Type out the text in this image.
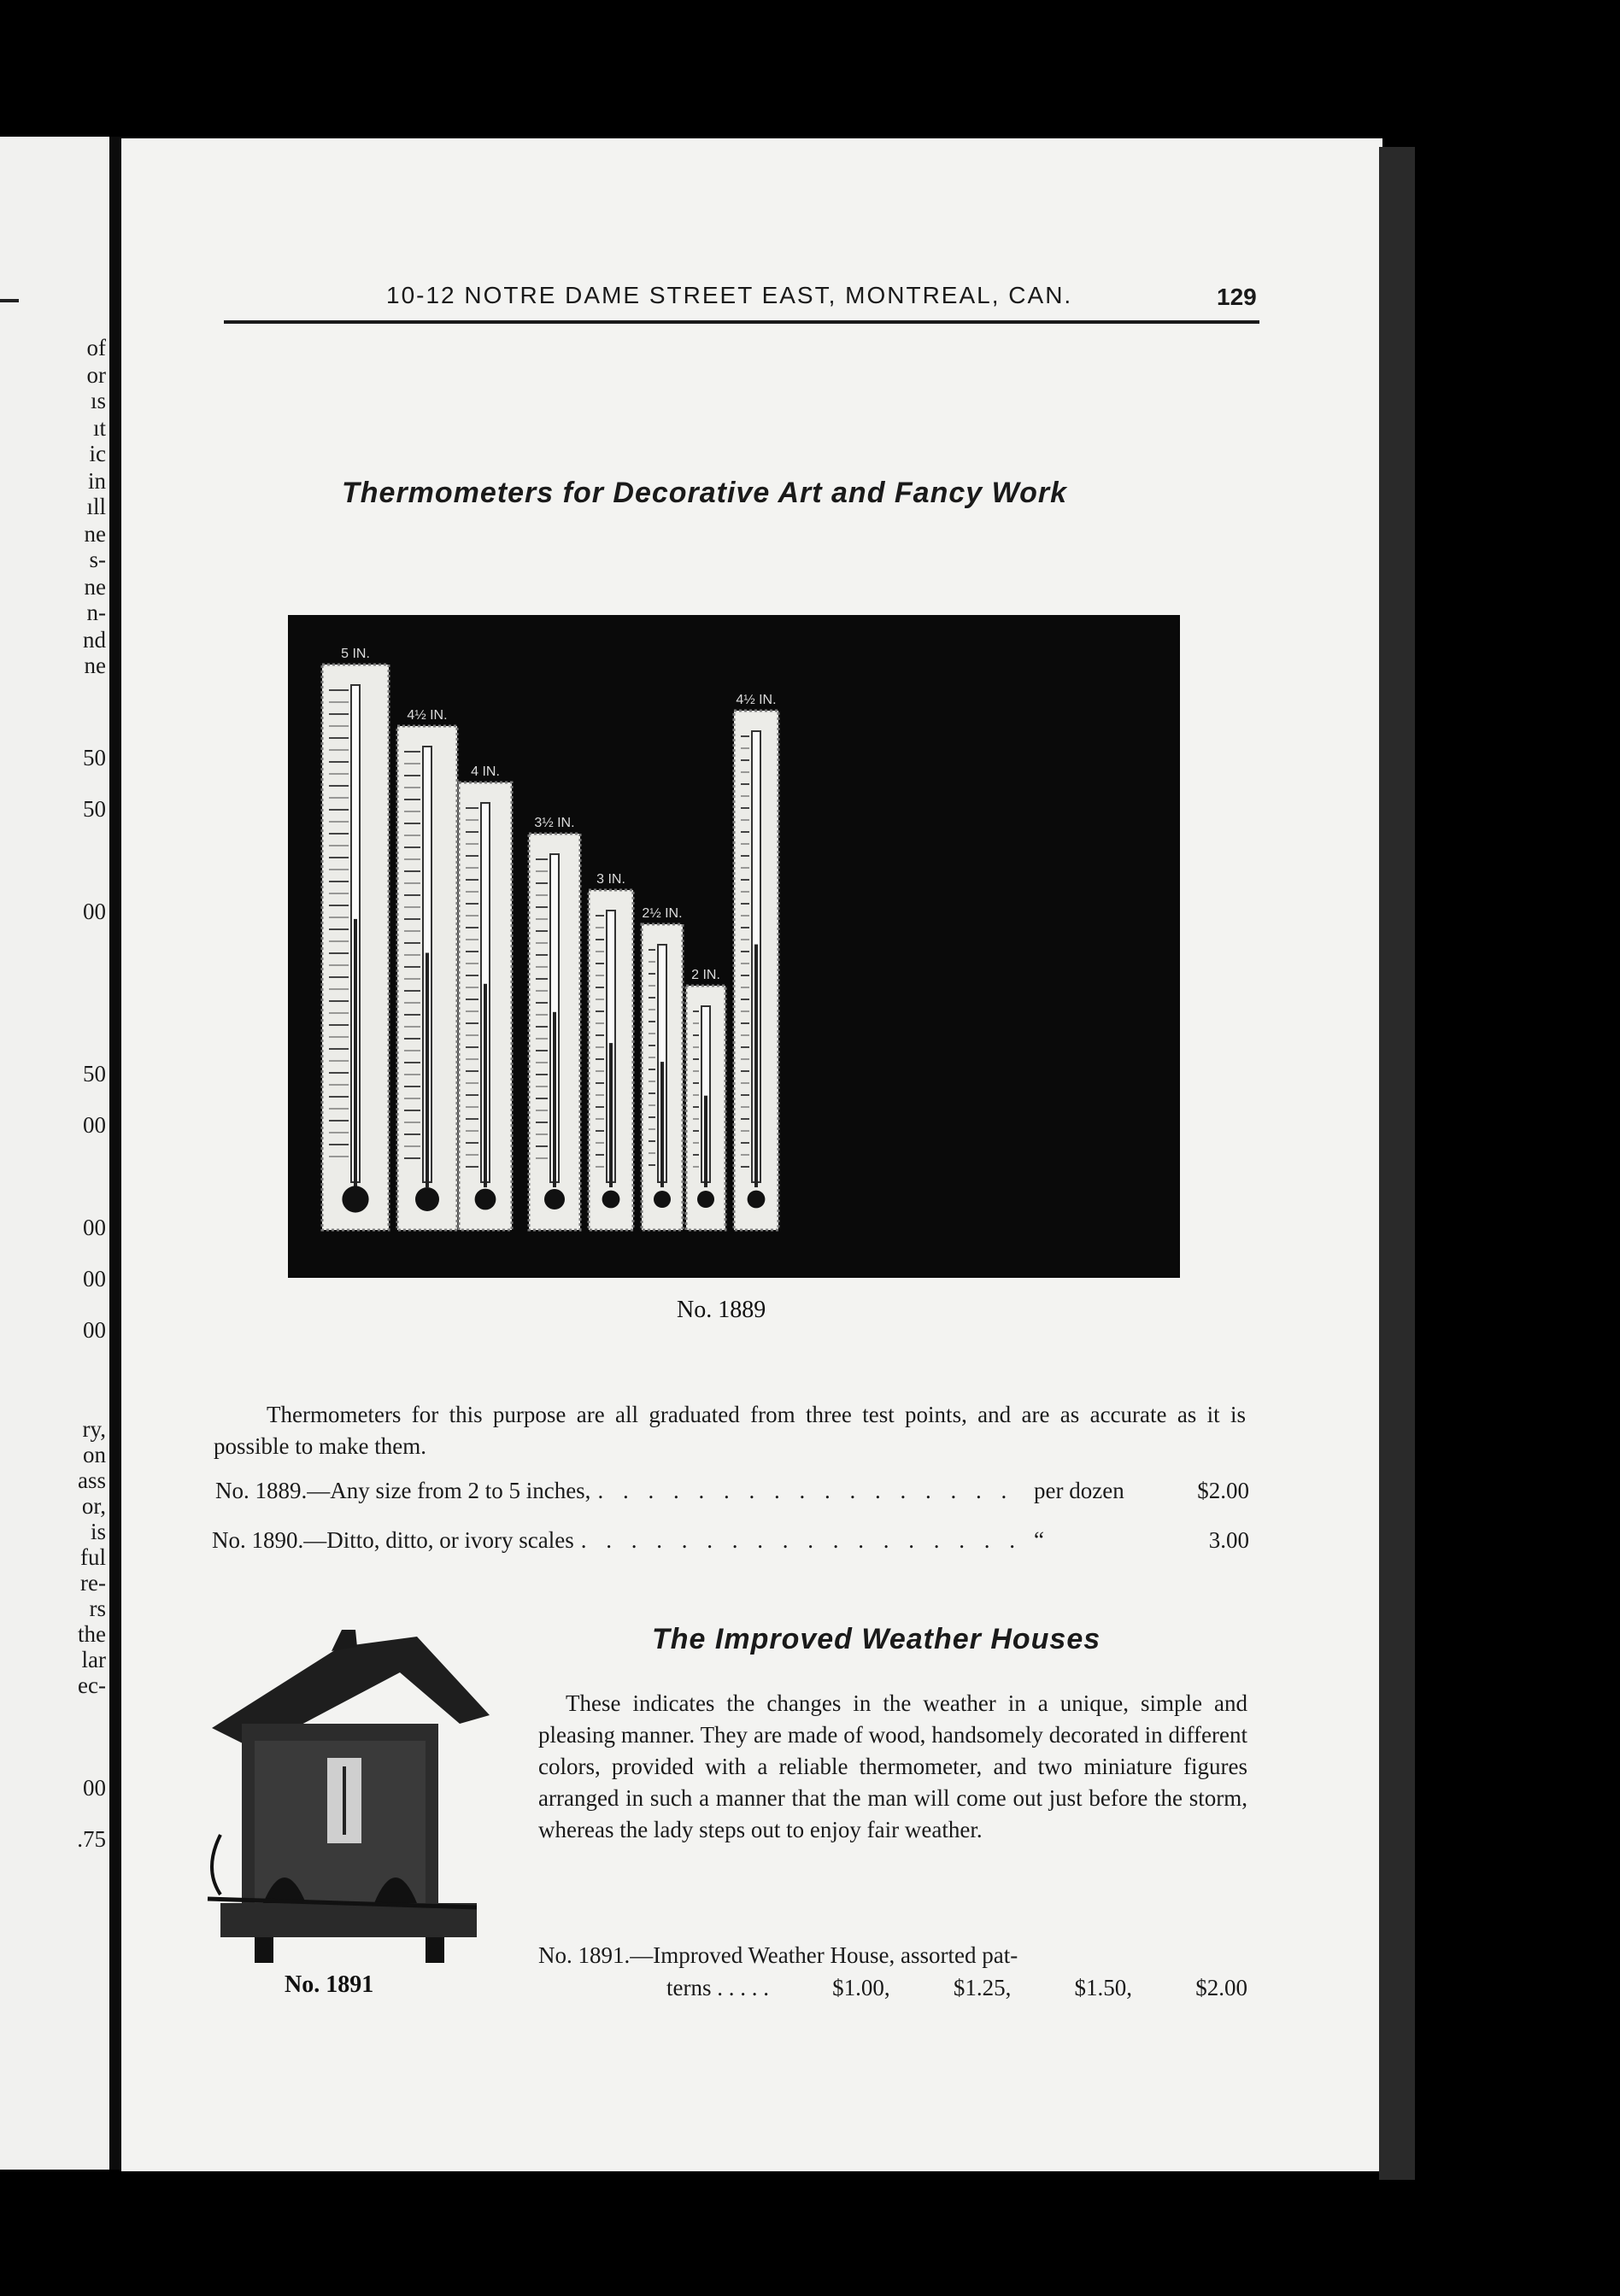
of
or
ıs
ıt
ic
in
ıll
ne
s-
ne
n-
nd
ne
50
50
00
50
00
00
00
00
ry,
on
ass
or,
is
ful
re-
rs
the
lar
ec-
00
.75
10-12 NOTRE DAME STREET EAST, MONTREAL, CAN.	129
Thermometers for Decorative Art and Fancy Work
5 IN.
4½ IN.
4 IN.
3½ IN.
3 IN.
2½ IN.
2 IN.
4½ IN.
No. 1889

Thermometers for this purpose are all graduated from three test points, and are as accurate as it is possible to make them.

No. 1889.—Any size from 2 to 5 inches, . . .	per dozen	$2.00
No. 1890.—Ditto, ditto, or ivory scales . . .	“	3.00
The Improved Weather Houses
No. 1891

These indicates the changes in the weather in a unique, simple and pleasing manner. They are made of wood, handsomely decorated in different colors, provided with a reliable thermometer, and two miniature figures arranged in such a manner that the man will come out just before the storm, whereas the lady steps out to enjoy fair weather.

No. 1891.—Improved Weather House, assorted pat-
terns . . . . .	$1.00,	$1.25,	$1.50,	$2.00
